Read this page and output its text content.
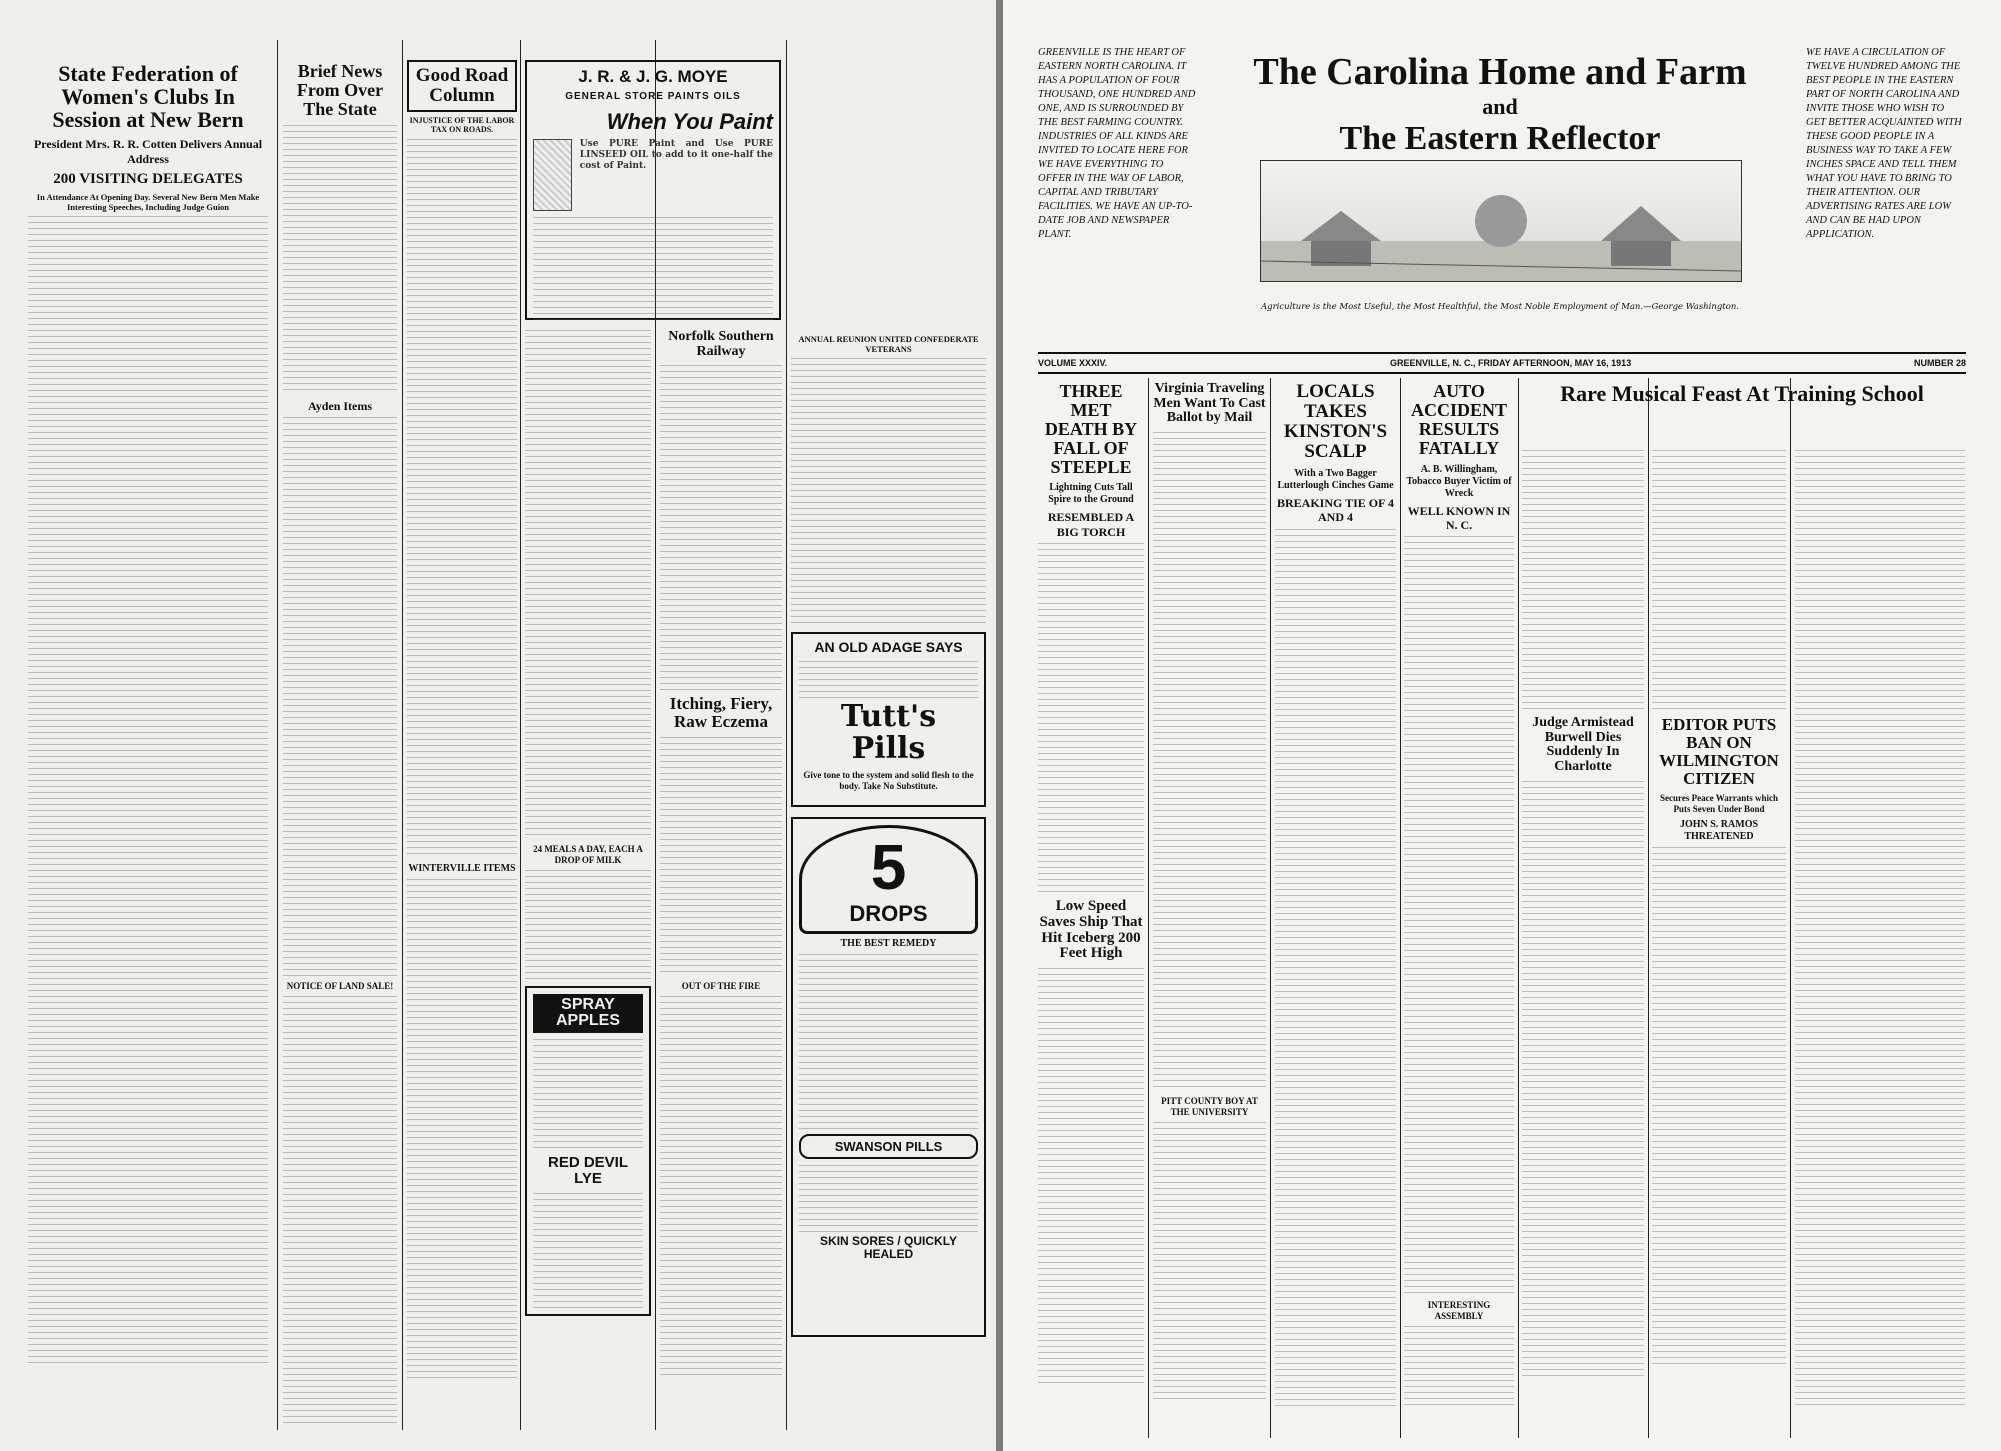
State Federation of Women's Clubs In Session at New Bern
President Mrs. R. R. Cotten Delivers Annual Address
200 VISITING DELEGATES
In Attendance At Opening Day. Several New Bern Men Make Interesting Speeches, Including Judge Guion
Brief News From Over The State
Ayden Items
NOTICE OF LAND SALE!
Good Road Column
INJUSTICE OF THE LABOR TAX ON ROADS.
WINTERVILLE ITEMS
J. R. & J. G. MOYE
GENERAL STORE PAINTS OILS
When You Paint
Use PURE Paint and Use PURE LINSEED OIL to add to it one-half the cost of Paint.
24 MEALS A DAY, EACH A DROP OF MILK
SPRAY APPLES
RED DEVIL LYE
Norfolk Southern Railway
Itching, Fiery, Raw Eczema
OUT OF THE FIRE
ANNUAL REUNION UNITED CONFEDERATE VETERANS
AN OLD ADAGE SAYS
Tutt's Pills
Give tone to the system and solid flesh to the body. Take No Substitute.
5
DROPS
THE BEST REMEDY
SWANSON PILLS
SKIN SORES / QUICKLY HEALED
GREENVILLE IS THE HEART OF EASTERN NORTH CAROLINA. IT HAS A POPULATION OF FOUR THOUSAND, ONE HUNDRED AND ONE, AND IS SURROUNDED BY THE BEST FARMING COUNTRY. INDUSTRIES OF ALL KINDS ARE INVITED TO LOCATE HERE FOR WE HAVE EVERYTHING TO OFFER IN THE WAY OF LABOR, CAPITAL AND TRIBUTARY FACILITIES. WE HAVE AN UP-TO-DATE JOB AND NEWSPAPER PLANT.
The Carolina Home and Farm
and
The Eastern Reflector
WE HAVE A CIRCULATION OF TWELVE HUNDRED AMONG THE BEST PEOPLE IN THE EASTERN PART OF NORTH CAROLINA AND INVITE THOSE WHO WISH TO GET BETTER ACQUAINTED WITH THESE GOOD PEOPLE IN A BUSINESS WAY TO TAKE A FEW INCHES SPACE AND TELL THEM WHAT YOU HAVE TO BRING TO THEIR ATTENTION. OUR ADVERTISING RATES ARE LOW AND CAN BE HAD UPON APPLICATION.
Agriculture is the Most Useful, the Most Healthful, the Most Noble Employment of Man.—George Washington.
VOLUME XXXIV.	GREENVILLE, N. C., FRIDAY AFTERNOON, MAY 16, 1913	NUMBER 28
THREE MET DEATH BY FALL OF STEEPLE
Lightning Cuts Tall Spire to the Ground
RESEMBLED A BIG TORCH
Low Speed Saves Ship That Hit Iceberg 200 Feet High
Virginia Traveling Men Want To Cast Ballot by Mail
PITT COUNTY BOY AT THE UNIVERSITY
LOCALS TAKES KINSTON'S SCALP
With a Two Bagger Lutterlough Cinches Game
BREAKING TIE OF 4 AND 4
AUTO ACCIDENT RESULTS FATALLY
A. B. Willingham, Tobacco Buyer Victim of Wreck
WELL KNOWN IN N. C.
INTERESTING ASSEMBLY
Rare Musical Feast At Training School
Judge Armistead Burwell Dies Suddenly In Charlotte
EDITOR PUTS BAN ON WILMINGTON CITIZEN
Secures Peace Warrants which Puts Seven Under Bond
JOHN S. RAMOS THREATENED
